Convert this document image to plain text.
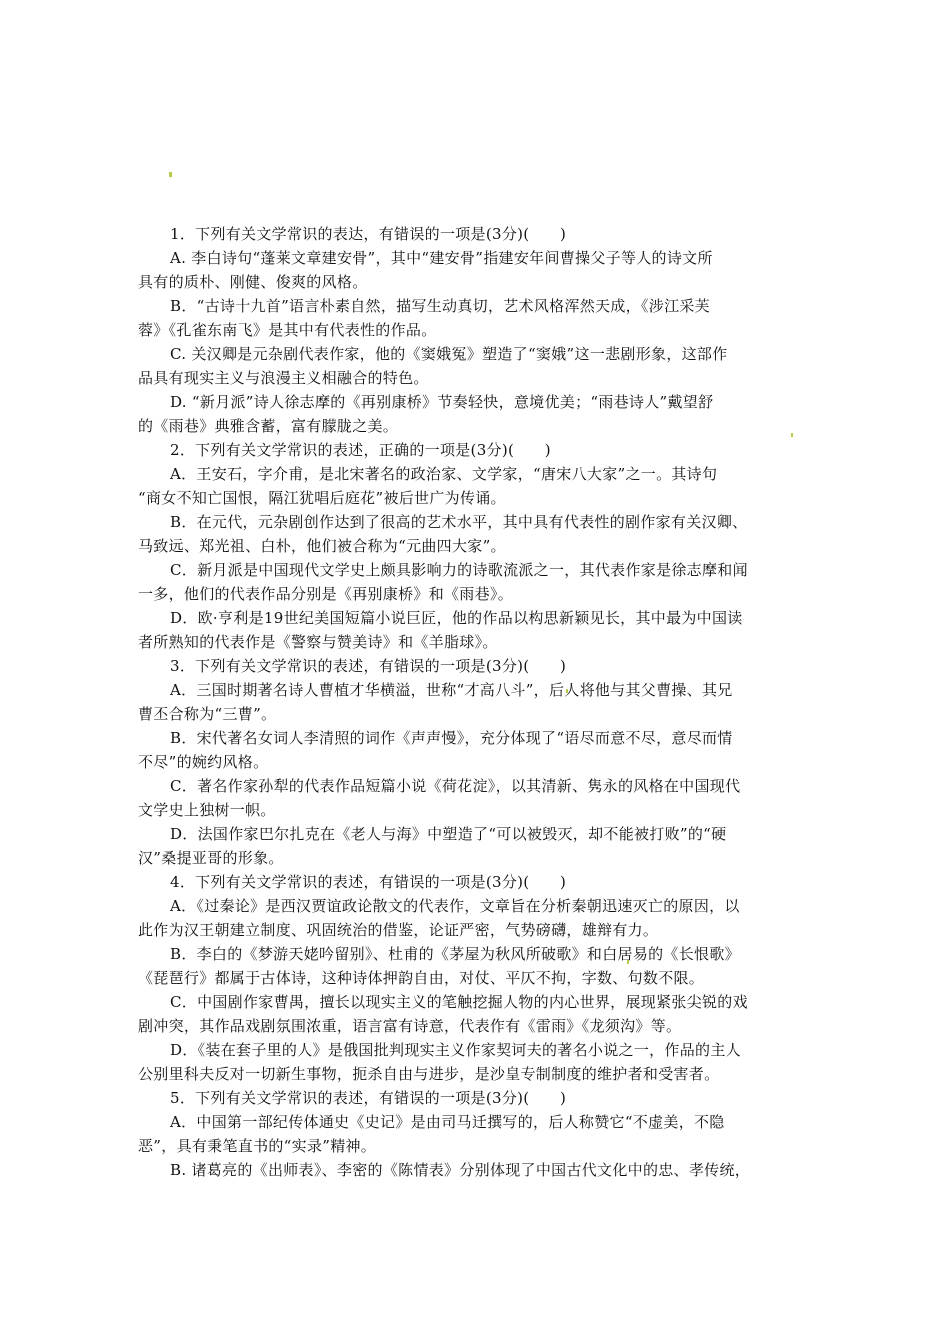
1．下列有关文学常识的表达，有错误的一项是(3分)(　　)
A. 李白诗句“蓬莱文章建安骨”，其中“建安骨”指建安年间曹操父子等人的诗文所
具有的质朴、刚健、俊爽的风格。
B．“古诗十九首”语言朴素自然，描写生动真切，艺术风格浑然天成，《涉江采芙
蓉》《孔雀东南飞》是其中有代表性的作品。
C. 关汉卿是元杂剧代表作家，他的《窦娥冤》塑造了“窦娥”这一悲剧形象，这部作
品具有现实主义与浪漫主义相融合的特色。
D. “新月派”诗人徐志摩的《再别康桥》节奏轻快，意境优美；“雨巷诗人”戴望舒
的《雨巷》典雅含蓄，富有朦胧之美。
2．下列有关文学常识的表述，正确的一项是(3分)(　　)
A．王安石，字介甫，是北宋著名的政治家、文学家，“唐宋八大家”之一。其诗句
“商女不知亡国恨，隔江犹唱后庭花”被后世广为传诵。
B．在元代，元杂剧创作达到了很高的艺术水平，其中具有代表性的剧作家有关汉卿、
马致远、郑光祖、白朴，他们被合称为“元曲四大家”。
C．新月派是中国现代文学史上颇具影响力的诗歌流派之一，其代表作家是徐志摩和闻
一多，他们的代表作品分别是《再别康桥》和《雨巷》。
D．欧·亨利是19世纪美国短篇小说巨匠，他的作品以构思新颖见长，其中最为中国读
者所熟知的代表作是《警察与赞美诗》和《羊脂球》。
3．下列有关文学常识的表述，有错误的一项是(3分)(　　)
A．三国时期著名诗人曹植才华横溢，世称“才高八斗”，后人将他与其父曹操、其兄
曹丕合称为“三曹”。
B．宋代著名女词人李清照的词作《声声慢》，充分体现了“语尽而意不尽，意尽而情
不尽”的婉约风格。
C．著名作家孙犁的代表作品短篇小说《荷花淀》，以其清新、隽永的风格在中国现代
文学史上独树一帜。
D．法国作家巴尔扎克在《老人与海》中塑造了“可以被毁灭，却不能被打败”的“硬
汉”桑提亚哥的形象。
4．下列有关文学常识的表述，有错误的一项是(3分)(　　)
A．《过秦论》是西汉贾谊政论散文的代表作，文章旨在分析秦朝迅速灭亡的原因，以
此作为汉王朝建立制度、巩固统治的借鉴，论证严密，气势磅礴，雄辩有力。
B．李白的《梦游天姥吟留别》、杜甫的《茅屋为秋风所破歌》和白居易的《长恨歌》
《琵琶行》都属于古体诗，这种诗体押韵自由，对仗、平仄不拘，字数、句数不限。
C．中国剧作家曹禺，擅长以现实主义的笔触挖掘人物的内心世界，展现紧张尖锐的戏
剧冲突，其作品戏剧氛围浓重，语言富有诗意，代表作有《雷雨》《龙须沟》等。
D．《装在套子里的人》是俄国批判现实主义作家契诃夫的著名小说之一，作品的主人
公别里科夫反对一切新生事物，扼杀自由与进步，是沙皇专制制度的维护者和受害者。
5．下列有关文学常识的表述，有错误的一项是(3分)(　　)
A．中国第一部纪传体通史《史记》是由司马迁撰写的，后人称赞它“不虚美，不隐
恶”，具有秉笔直书的“实录”精神。
B. 诸葛亮的《出师表》、李密的《陈情表》分别体现了中国古代文化中的忠、孝传统，
